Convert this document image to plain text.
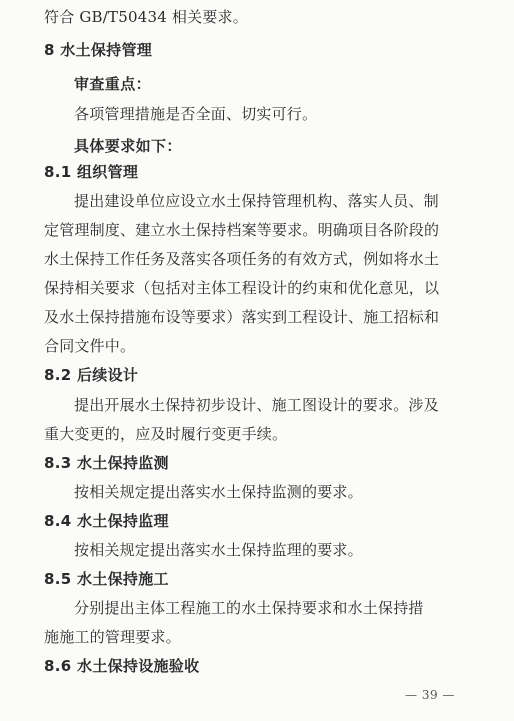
符合 GB/T50434 相关要求。
8 水土保持管理
审查重点：
各项管理措施是否全面、切实可行。
具体要求如下：
8.1 组织管理
提出建设单位应设立水土保持管理机构、落实人员、制
定管理制度、建立水土保持档案等要求。明确项目各阶段的
水土保持工作任务及落实各项任务的有效方式，例如将水土
保持相关要求（包括对主体工程设计的约束和优化意见，以
及水土保持措施布设等要求）落实到工程设计、施工招标和
合同文件中。
8.2 后续设计
提出开展水土保持初步设计、施工图设计的要求。涉及
重大变更的，应及时履行变更手续。
8.3 水土保持监测
按相关规定提出落实水土保持监测的要求。
8.4 水土保持监理
按相关规定提出落实水土保持监理的要求。
8.5 水土保持施工
分别提出主体工程施工的水土保持要求和水土保持措
施施工的管理要求。
8.6 水土保持设施验收
— 39 —
